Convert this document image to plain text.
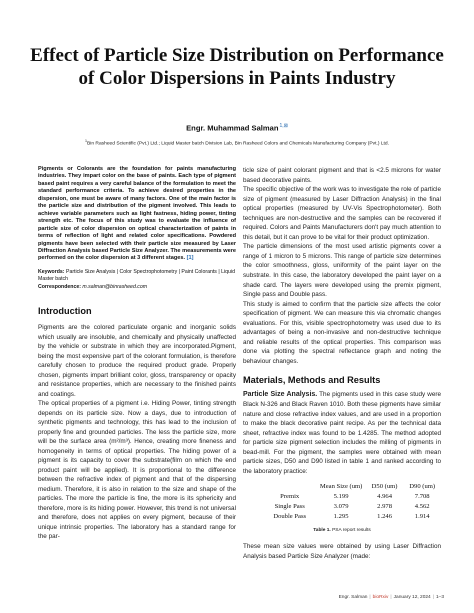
Effect of Particle Size Distribution on Performance of Color Dispersions in Paints Industry
Engr. Muhammad Salman$^{1,⊠}$
$^1$Bin Rasheed Scientific (Pvt.) Ltd.; Liquid Master batch Division Lab, Bin Rasheed Colors and Chemicals Manufacturing Company (Pvt.) Ltd.
Pigments or Colorants are the foundation for paints manufacturing industries. They impart color on the base of paints. Each type of pigment based paint requires a very careful balance of the formulation to meet the standard performance criteria. To achieve desired properties in the dispersion, one must be aware of many factors. One of the main factor is the particle size and distribution of the pigment involved. This leads to achieve variable parameters such as light fastness, hiding power, tinting strength etc. The focus of this study was to evaluate the influence of particle size of color dispersion on optical characterization of paints in terms of reflection of light and related color specifications. Powdered pigments have been selected with their particle size measured by Laser Diffraction Analysis based Particle Size Analyzer. The measurements were performed on the color dispersion at 3 different stages. [1]
Keywords: Particle Size Analysis | Color Spectrophotometry | Paint Colorants | Liquid Master batch
Correspondence: m.salman@binrasheed.com
Introduction

Pigments are the colored particulate organic and inorganic solids which usually are insoluble, and chemically and physically unaffected by the vehicle or substrate in which they are incorporated.Pigment, being the most expensive part of the colorant formulation, is therefore carefully chosen to produce the required product grade. Properly chosen, pigments impart brilliant color, gloss, transparency or opacity and resistance properties, which are necessary to the finished paints and coatings.

The optical properties of a pigment i.e. Hiding Power, tinting strength depends on its particle size. Now a days, due to introduction of synthetic pigments and technology, this has lead to the inclusion of properly fine and grounded particles. The less the particle size, more will be the surface area (m²/m³). Hence, creating more fineness and homogeneity in terms of optical properties. The hiding power of a pigment is its capacity to cover the substrate(film on which the end product paint will be applied). It is proportional to the difference between the refractive index of pigment and that of the dispersing medium. Therefore, it is also in relation to the size and shape of the particles. The more the particle is fine, the more is its sphericity and therefore, more is its hiding power. However, this trend is not universal and therefore, does not applies on every pigment, because of their unique intrinsic properties. The laboratory has a standard range for the par-

ticle size of paint colorant pigment and that is <2.5 microns for water based decorative paints.

The specific objective of the work was to investigate the role of particle size of pigment (measured by Laser Diffraction Analysis) in the final optical properties (measured by UV-Vis Spectrophotometer). Both techniques are non-destructive and the samples can be recovered if required. Colors and Paints Manufacturers don't pay much attention to this detail, but it can prove to be vital for their product optimization.

The particle dimensions of the most used artistic pigments cover a range of 1 micron to 5 microns. This range of particle size determines the color smoothness, gloss, uniformity of the paint layer on the substrate. In this case, the laboratory developed the paint layer on a shade card. The layers were developed using the premix pigment, Single pass and Double pass.

This study is aimed to confirm that the particle size affects the color specification of pigment. We can measure this via chromatic changes evaluations. For this, visible spectrophotometry was used due to its advantages of being a non-invasive and non-destructive technique and reliable results of the optical properties. This comparison was done via plotting the spectral reflectance graph and noting the behaviour changes.

Materials, Methods and Results

Particle Size Analysis. The pigments used in this case study were Black N-326 and Black Raven 1010. Both these pigments have similar nature and close refractive index values, and are used in a proportion to make the black decorative paint recipe. As per the technical data sheet, refractive index was found to be 1.4285. The method adopted for particle size pigment selection includes the milling of pigments in bead-mill. For the pigment, the samples were obtained with mean particle sizes, D50 and D90 listed in table 1 and ranked according to the laboratory practice:

	Mean Size (um)	D50 (um)	D90 (um)
Premix	5.199	4.964	7.708
Single Pass	3.079	2.978	4.562
Double Pass	1.295	1.246	1.914
Table 1. PSA report results

These mean size values were obtained by using Laser Diffraction Analysis based Particle Size Analyzer (made:

Engr. Salman | bioRxiv | January 12, 2024 | 1–3
